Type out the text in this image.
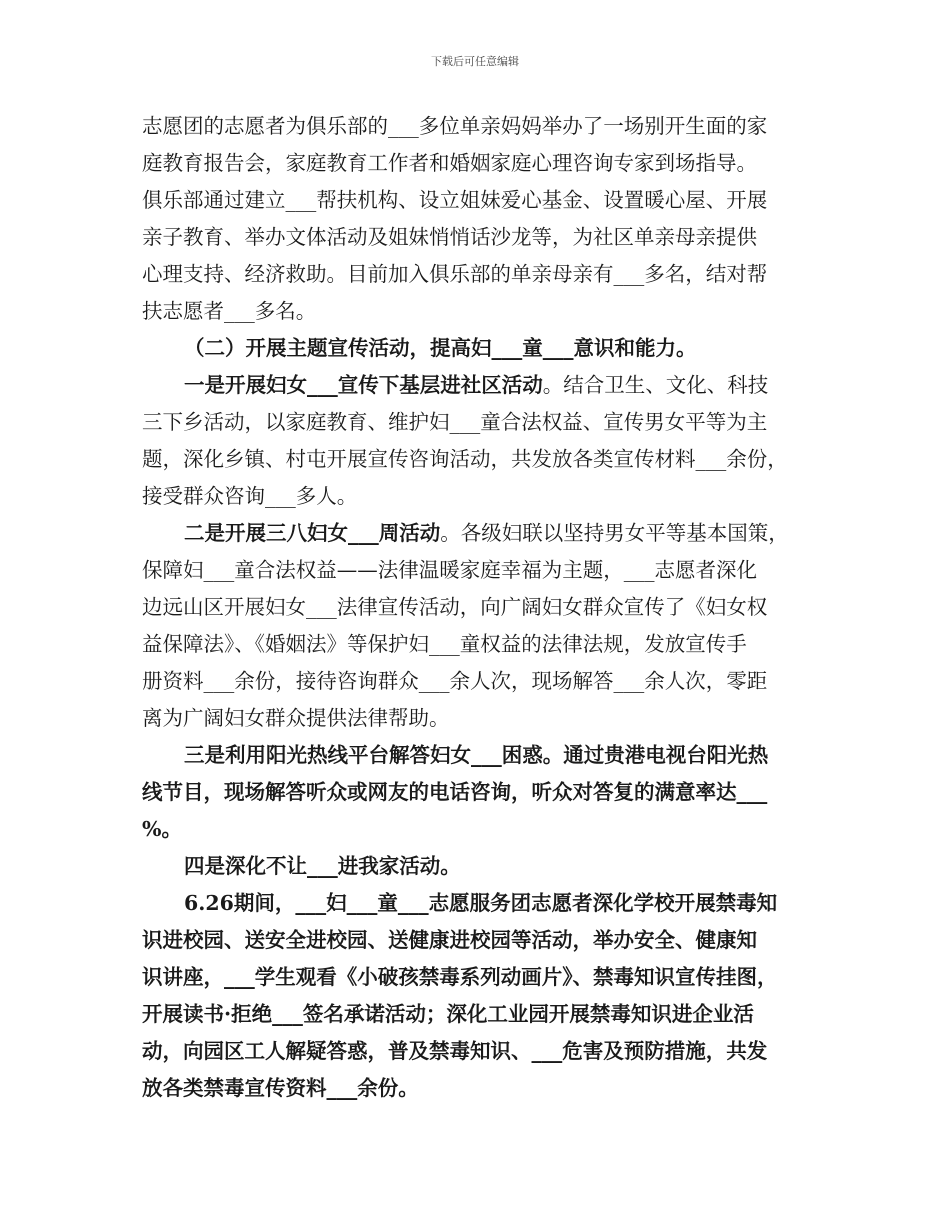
下载后可任意编辑
志愿团的志愿者为俱乐部的___多位单亲妈妈举办了一场别开生面的家
庭教育报告会，家庭教育工作者和婚姻家庭心理咨询专家到场指导。
俱乐部通过建立___帮扶机构、设立姐妹爱心基金、设置暖心屋、开展
亲子教育、举办文体活动及姐妹悄悄话沙龙等，为社区单亲母亲提供
心理支持、经济救助。目前加入俱乐部的单亲母亲有___多名，结对帮
扶志愿者___多名。
（二）开展主题宣传活动，提高妇___童___意识和能力。
一是开展妇女___宣传下基层进社区活动。结合卫生、文化、科技
三下乡活动，以家庭教育、维护妇___童合法权益、宣传男女平等为主
题，深化乡镇、村屯开展宣传咨询活动，共发放各类宣传材料___余份，
接受群众咨询___多人。
二是开展三八妇女___周活动。各级妇联以坚持男女平等基本国策，
保障妇___童合法权益——法律温暖家庭幸福为主题，___志愿者深化
边远山区开展妇女___法律宣传活动，向广阔妇女群众宣传了《妇女权
益保障法》、《婚姻法》等保护妇___童权益的法律法规，发放宣传手
册资料___余份，接待咨询群众___余人次，现场解答___余人次，零距
离为广阔妇女群众提供法律帮助。
三是利用阳光热线平台解答妇女___困惑。通过贵港电视台阳光热
线节目，现场解答听众或网友的电话咨询，听众对答复的满意率达___
%。
四是深化不让___进我家活动。
6.26期间，___妇___童___志愿服务团志愿者深化学校开展禁毒知
识进校园、送安全进校园、送健康进校园等活动，举办安全、健康知
识讲座，___学生观看《小破孩禁毒系列动画片》、禁毒知识宣传挂图，
开展读书·拒绝___签名承诺活动；深化工业园开展禁毒知识进企业活
动，向园区工人解疑答惑，普及禁毒知识、___危害及预防措施，共发
放各类禁毒宣传资料___余份。
